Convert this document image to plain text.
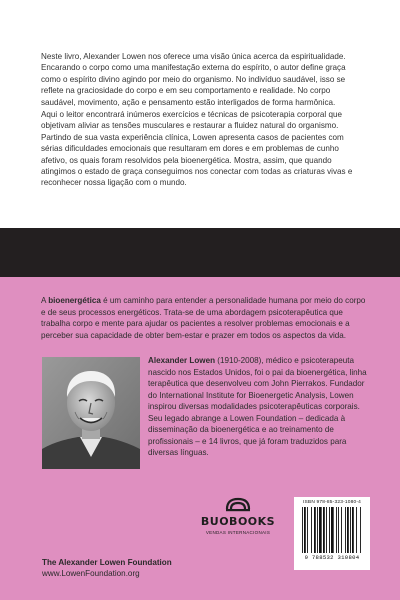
Neste livro, Alexander Lowen nos oferece uma visão única acerca da espiritualidade. Encarando o corpo como uma manifestação externa do espírito, o autor define graça como o espírito divino agindo por meio do organismo. No indivíduo saudável, isso se reflete na graciosidade do corpo e em seu comportamento e realidade. No corpo saudável, movimento, ação e pensamento estão interligados de forma harmônica.

Aqui o leitor encontrará inúmeros exercícios e técnicas de psicoterapia corporal que objetivam aliviar as tensões musculares e restaurar a fluidez natural do organismo. Partindo de sua vasta experiência clínica, Lowen apresenta casos de pacientes com sérias dificuldades emocionais que resultaram em dores e em problemas de cunho afetivo, os quais foram resolvidos pela bioenergética. Mostra, assim, que quando atingimos o estado de graça conseguimos nos conectar com todas as criaturas vivas e reconhecer nossa ligação com o mundo.

A bioenergética é um caminho para entender a personalidade humana por meio do corpo e de seus processos energéticos. Trata-se de uma abordagem psicoterapêutica que trabalha corpo e mente para ajudar os pacientes a resolver problemas emocionais e a perceber sua capacidade de obter bem-estar e prazer em todos os aspectos da vida.
Alexander Lowen (1910-2008), médico e psicoterapeuta nascido nos Estados Unidos, foi o pai da bioenergética, linha terapêutica que desenvolveu com John Pierrakos. Fundador do International Institute for Bioenergetic Analysis, Lowen inspirou diversas modalidades psicoterapêuticas corporais. Seu legado abrange a Lowen Foundation – dedicada à disseminação da bioenergética e ao treinamento de profissionais – e 14 livros, que já foram traduzidos para diversas línguas.
BUOBOOKS
VENDAS INTERNACIONAIS
ISBN 978-85-323-1080-4
9 788532 310804
The Alexander Lowen Foundation
www.LowenFoundation.org
